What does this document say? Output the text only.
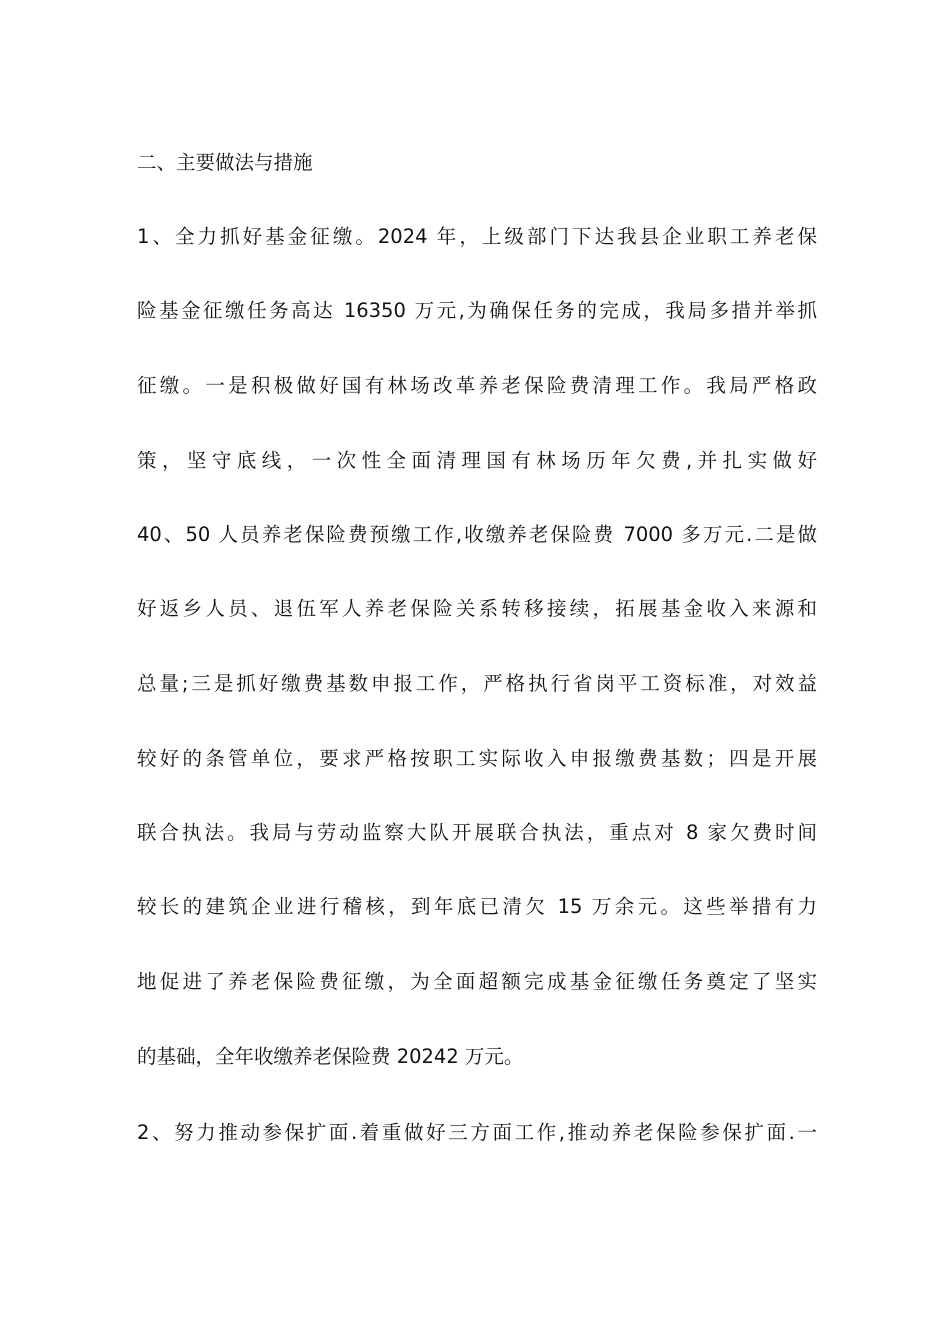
二、主要做法与措施
1、全力抓好基金征缴。2024 年，上级部门下达我县企业职工养老保
险基金征缴任务高达 16350 万元,为确保任务的完成，我局多措并举抓
征缴。一是积极做好国有林场改革养老保险费清理工作。我局严格政
策，坚守底线，一次性全面清理国有林场历年欠费,并扎实做好
40、50 人员养老保险费预缴工作,收缴养老保险费 7000 多万元.二是做
好返乡人员、退伍军人养老保险关系转移接续，拓展基金收入来源和
总量;三是抓好缴费基数申报工作，严格执行省岗平工资标准，对效益
较好的条管单位，要求严格按职工实际收入申报缴费基数；四是开展
联合执法。我局与劳动监察大队开展联合执法，重点对 8 家欠费时间
较长的建筑企业进行稽核，到年底已清欠 15 万余元。这些举措有力
地促进了养老保险费征缴，为全面超额完成基金征缴任务奠定了坚实
的基础，全年收缴养老保险费 20242 万元。
2、努力推动参保扩面.着重做好三方面工作,推动养老保险参保扩面.一
